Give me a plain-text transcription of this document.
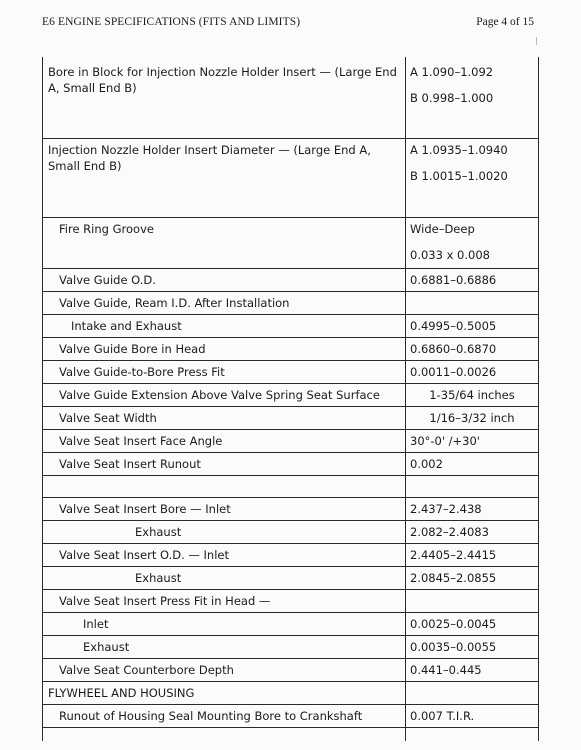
E6 ENGINE SPECIFICATIONS (FITS AND LIMITS)	Page 4 of 15
Bore in Block for Injection Nozzle Holder Insert — (Large End A, Small End B)	A 1.090–1.092
B 0.998–1.000

Injection Nozzle Holder Insert Diameter — (Large End A, Small End B)	A 1.0935–1.0940
B 1.0015–1.0020

Fire Ring Groove	Wide–Deep
0.033 x 0.008

Valve Guide O.D.	0.6881–0.6886

Valve Guide, Ream I.D. After Installation	

Intake and Exhaust	0.4995–0.5005

Valve Guide Bore in Head	0.6860–0.6870

Valve Guide-to-Bore Press Fit	0.0011–0.0026

Valve Guide Extension Above Valve Spring Seat Surface	1-35/64 inches

Valve Seat Width	1/16–3/32 inch

Valve Seat Insert Face Angle	30°-0' /+30'

Valve Seat Insert Runout	0.002

Valve Seat Insert Bore — Inlet	2.437–2.438

Exhaust	2.082–2.4083

Valve Seat Insert O.D. — Inlet	2.4405–2.4415

Exhaust	2.0845–2.0855

Valve Seat Insert Press Fit in Head —	

Inlet	0.0025–0.0045

Exhaust	0.0035–0.0055

Valve Seat Counterbore Depth	0.441–0.445

FLYWHEEL AND HOUSING	

Runout of Housing Seal Mounting Bore to Crankshaft	0.007 T.I.R.
